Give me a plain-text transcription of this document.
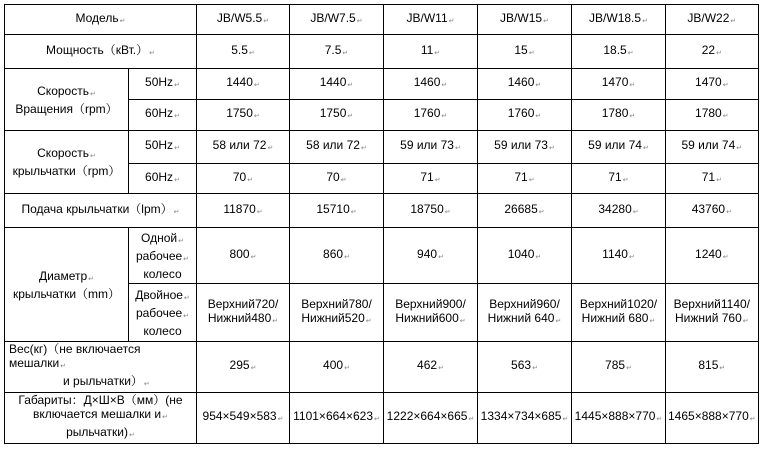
Модель ↵		JB/W5.5 ↵	JB/W7.5 ↵	JB/W11 ↵	JB/W15 ↵	JB/W18.5 ↵	JB/W22 ↵
Мощность（кВт.） ↵		5.5 ↵	7.5 ↵	11 ↵	15 ↵	18.5 ↵	22 ↵
Скорость ↵
Вращения（rpm）	50Hz ↵	1440 ↵	1440 ↵	1460 ↵	1460 ↵	1470 ↵	1470 ↵
	60Hz ↵	1750 ↵	1750 ↵	1760 ↵	1760 ↵	1780 ↵	1780 ↵
Скорость ↵
крыльчатки（rpm）	50Hz ↵	58 или 72 ↵	58 или 72 ↵	59 или 73 ↵	59 или 73 ↵	59 или 74 ↵	59 или 74 ↵
	60Hz ↵	70 ↵	70 ↵	71 ↵	71 ↵	71 ↵	71 ↵
Подача крыльчатки（lpm） ↵		11870 ↵	15710 ↵	18750 ↵	26685 ↵	34280 ↵	43760 ↵
Диаметр ↵
крыльчатки（mm）	Одной ↵
рабочее ↵
колесо	800 ↵	860 ↵	940 ↵	1040 ↵	1140 ↵	1240 ↵
	Двойное ↵
рабочее ↵
колесо	Верхний720/
Нижний480 ↵	Верхний780/
Нижний520 ↵	Верхний900/
Нижний600 ↵	Верхний960/
Нижний 640 ↵	Верхний1020/
Нижний 680 ↵	Верхний1140/
Нижний 760 ↵

Вес(кг)（не включается мешалки ↵
и рыльчатки） ↵		295 ↵	400 ↵	462 ↵	563 ↵	785 ↵	815 ↵
Габариты：Д×Ш×В（мм）(не
включается мешалки и ↵
рыльчатки) ↵		954×549×583 ↵	1101×664×623 ↵	1222×664×665 ↵	1334×734×685 ↵	1445×888×770 ↵	1465×888×770 ↵
